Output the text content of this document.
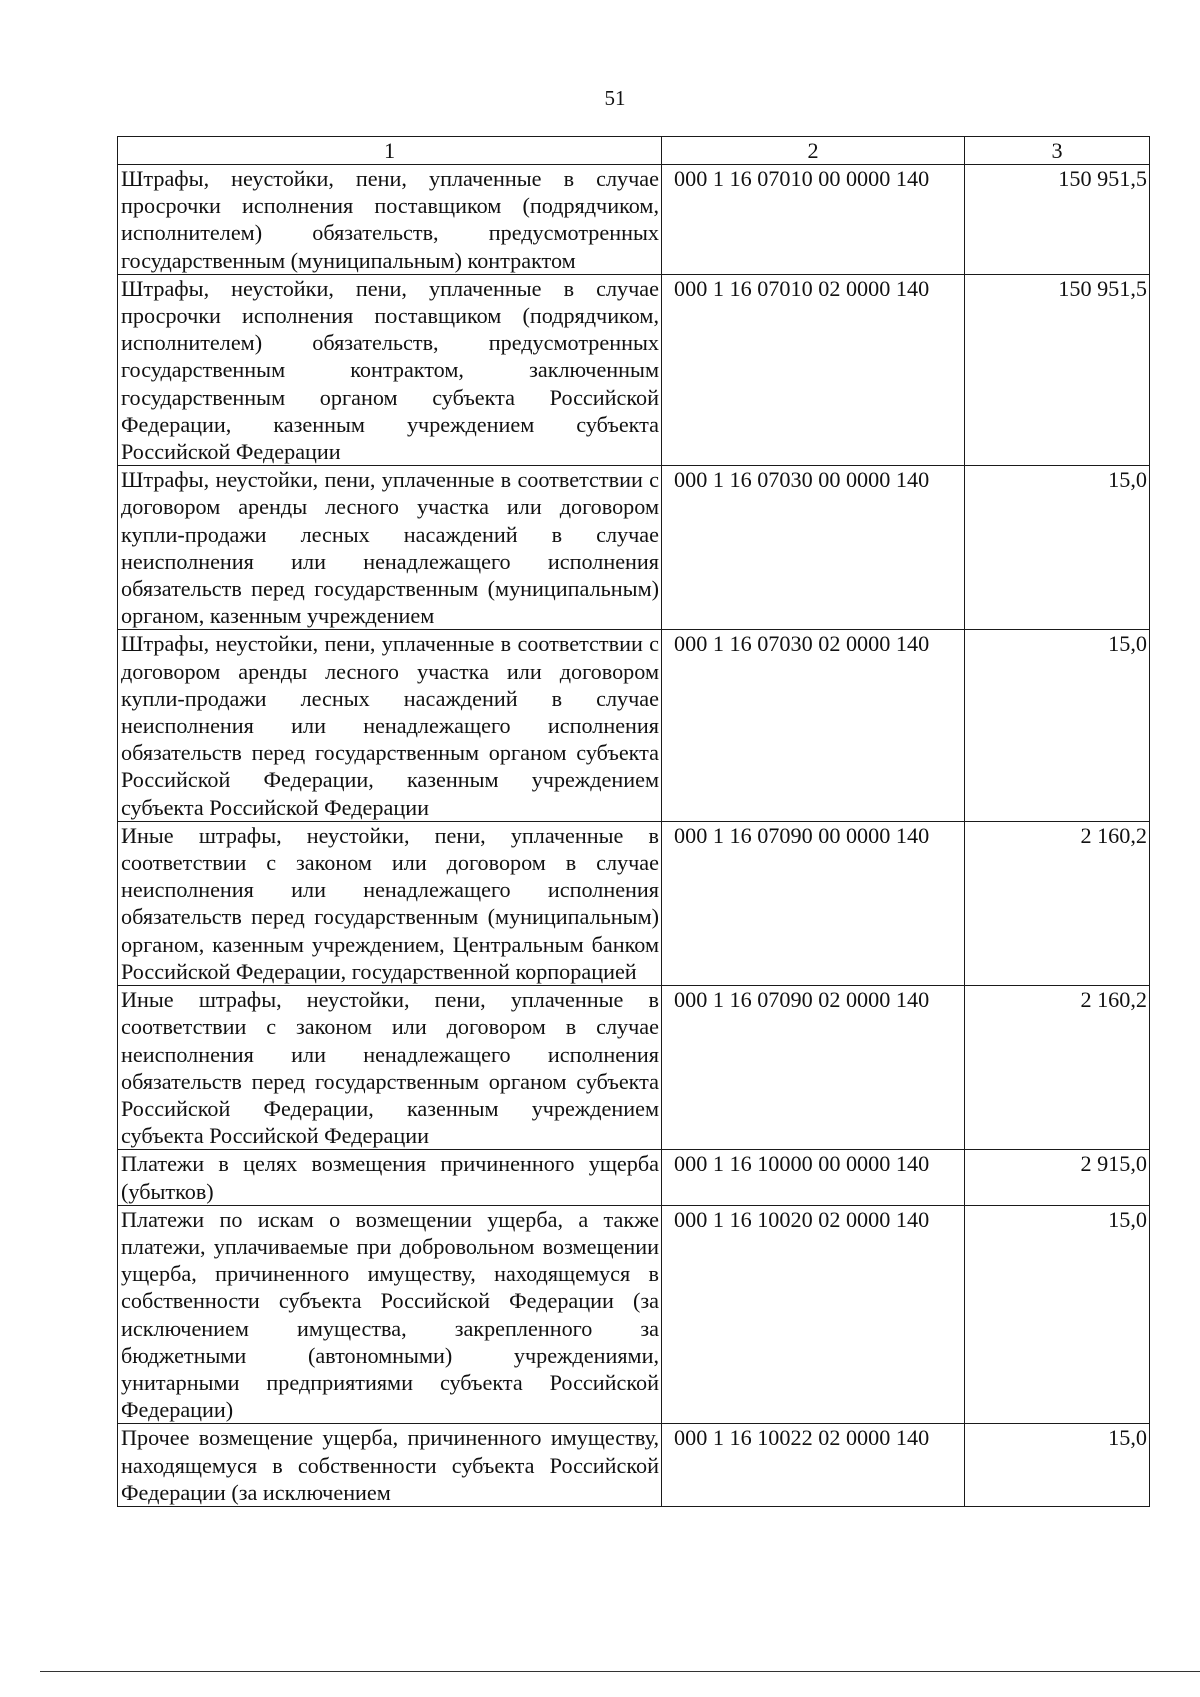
51
1	2	3
Штрафы, неустойки, пени, уплаченные в случае просрочки исполнения поставщиком (подрядчиком, исполнителем) обязательств, предусмотренных государственным (муниципальным) контрактом	000 1 16 07010 00 0000 140	150 951,5
Штрафы, неустойки, пени, уплаченные в случае просрочки исполнения поставщиком (подрядчиком, исполнителем) обязательств, предусмотренных государственным контрактом, заключенным государственным органом субъекта Российской Федерации, казенным учреждением субъекта Российской Федерации	000 1 16 07010 02 0000 140	150 951,5
Штрафы, неустойки, пени, уплаченные в соответствии с договором аренды лесного участка или договором купли-продажи лесных насаждений в случае неисполнения или ненадлежащего исполнения обязательств перед государственным (муниципальным) органом, казенным учреждением	000 1 16 07030 00 0000 140	15,0
Штрафы, неустойки, пени, уплаченные в соответствии с договором аренды лесного участка или договором купли-продажи лесных насаждений в случае неисполнения или ненадлежащего исполнения обязательств перед государственным органом субъекта Российской Федерации, казенным учреждением субъекта Российской Федерации	000 1 16 07030 02 0000 140	15,0
Иные штрафы, неустойки, пени, уплаченные в соответствии с законом или договором в случае неисполнения или ненадлежащего исполнения обязательств перед государственным (муниципальным) органом, казенным учреждением, Центральным банком Российской Федерации, государственной корпорацией	000 1 16 07090 00 0000 140	2 160,2
Иные штрафы, неустойки, пени, уплаченные в соответствии с законом или договором в случае неисполнения или ненадлежащего исполнения обязательств перед государственным органом субъекта Российской Федерации, казенным учреждением субъекта Российской Федерации	000 1 16 07090 02 0000 140	2 160,2
Платежи в целях возмещения причиненного ущерба (убытков)	000 1 16 10000 00 0000 140	2 915,0
Платежи по искам о возмещении ущерба, а также платежи, уплачиваемые при добровольном возмещении ущерба, причиненного имуществу, находящемуся в собственности субъекта Российской Федерации (за исключением имущества, закрепленного за бюджетными (автономными) учреждениями, унитарными предприятиями субъекта Российской Федерации)	000 1 16 10020 02 0000 140	15,0
Прочее возмещение ущерба, причиненного имуществу, находящемуся в собственности субъекта Российской Федерации (за исключением	000 1 16 10022 02 0000 140	15,0
